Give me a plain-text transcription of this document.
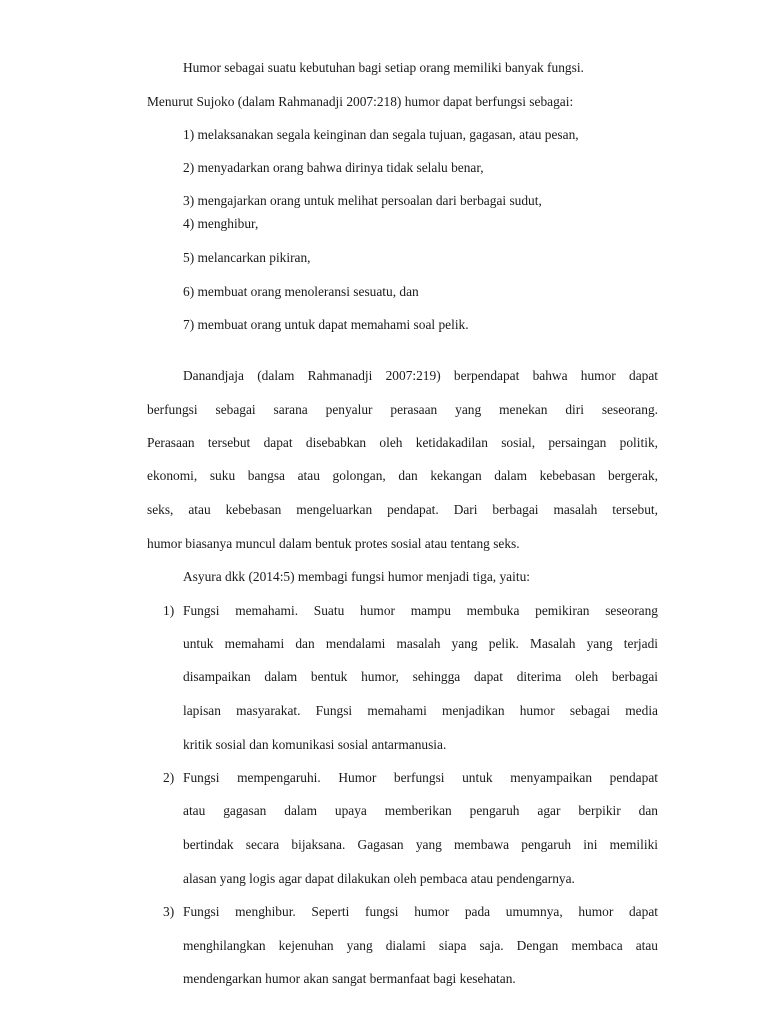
Humor sebagai suatu kebutuhan bagi setiap orang memiliki banyak fungsi.
Menurut Sujoko (dalam Rahmanadji 2007:218) humor dapat berfungsi sebagai:
1) melaksanakan segala keinginan dan segala tujuan, gagasan, atau pesan,
2) menyadarkan orang bahwa dirinya tidak selalu benar,
3) mengajarkan orang untuk melihat persoalan dari berbagai sudut,
4) menghibur,
5) melancarkan pikiran,
6) membuat orang menoleransi sesuatu, dan
7) membuat orang untuk dapat memahami soal pelik.
Danandjaja (dalam Rahmanadji 2007:219) berpendapat bahwa humor dapat
berfungsi sebagai sarana penyalur perasaan yang menekan diri seseorang.
Perasaan tersebut dapat disebabkan oleh ketidakadilan sosial, persaingan politik,
ekonomi, suku bangsa atau golongan, dan kekangan dalam kebebasan bergerak,
seks, atau kebebasan mengeluarkan pendapat. Dari berbagai masalah tersebut,
humor biasanya muncul dalam bentuk protes sosial atau tentang seks.
Asyura dkk (2014:5) membagi fungsi humor menjadi tiga, yaitu:
1) Fungsi memahami. Suatu humor mampu membuka pemikiran seseorang
untuk memahami dan mendalami masalah yang pelik. Masalah yang terjadi
disampaikan dalam bentuk humor, sehingga dapat diterima oleh berbagai
lapisan masyarakat. Fungsi memahami menjadikan humor sebagai media
kritik sosial dan komunikasi sosial antarmanusia.
2) Fungsi mempengaruhi. Humor berfungsi untuk menyampaikan pendapat
atau gagasan dalam upaya memberikan pengaruh agar berpikir dan
bertindak secara bijaksana. Gagasan yang membawa pengaruh ini memiliki
alasan yang logis agar dapat dilakukan oleh pembaca atau pendengarnya.
3) Fungsi menghibur. Seperti fungsi humor pada umumnya, humor dapat
menghilangkan kejenuhan yang dialami siapa saja. Dengan membaca atau
mendengarkan humor akan sangat bermanfaat bagi kesehatan.
